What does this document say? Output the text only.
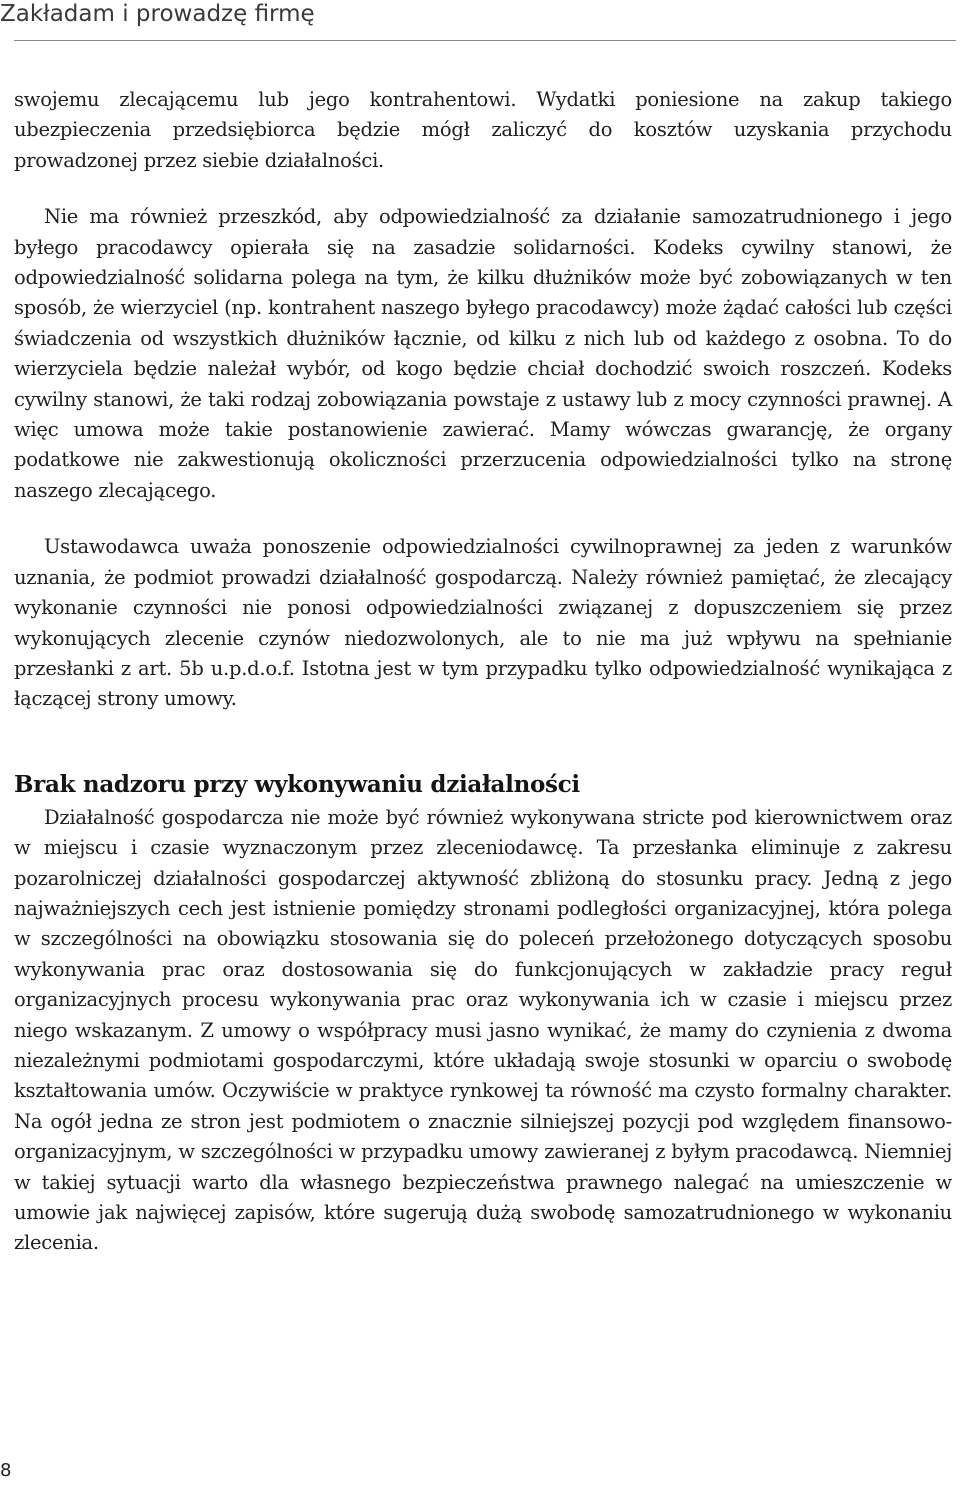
Zakładam i prowadzę firmę

swojemu zlecającemu lub jego kontrahentowi. Wydatki poniesione na zakup takiego ubezpieczenia przedsiębiorca będzie mógł zaliczyć do kosztów uzyskania przychodu prowadzonej przez siebie działalności.

Nie ma również przeszkód, aby odpowiedzialność za działanie samozatrudnionego i jego byłego pracodawcy opierała się na zasadzie solidarności. Kodeks cywilny stanowi, że odpowiedzialność solidarna polega na tym, że kilku dłużników może być zobowiązanych w ten sposób, że wierzyciel (np. kontrahent naszego byłego pracodawcy) może żądać całości lub części świadczenia od wszystkich dłużników łącznie, od kilku z nich lub od każdego z osobna. To do wierzyciela będzie należał wybór, od kogo będzie chciał dochodzić swoich roszczeń. Kodeks cywilny stanowi, że taki rodzaj zobowiązania powstaje z ustawy lub z mocy czynności prawnej. A więc umowa może takie postanowienie zawierać. Mamy wówczas gwarancję, że organy podatkowe nie zakwestionują okoliczności przerzucenia odpowiedzialności tylko na stronę naszego zlecającego.

Ustawodawca uważa ponoszenie odpowiedzialności cywilnoprawnej za jeden z warunków uznania, że podmiot prowadzi działalność gospodarczą. Należy również pamiętać, że zlecający wykonanie czynności nie ponosi odpowiedzialności związanej z dopuszczeniem się przez wykonujących zlecenie czynów niedozwolonych, ale to nie ma już wpływu na spełnianie przesłanki z art. 5b u.p.d.o.f. Istotna jest w tym przypadku tylko odpowiedzialność wynikająca z łączącej strony umowy.

Brak nadzoru przy wykonywaniu działalności

Działalność gospodarcza nie może być również wykonywana stricte pod kierownictwem oraz w miejscu i czasie wyznaczonym przez zleceniodawcę. Ta przesłanka eliminuje z zakresu pozarolniczej działalności gospodarczej aktywność zbliżoną do stosunku pracy. Jedną z jego najważniejszych cech jest istnienie pomiędzy stronami podległości organizacyjnej, która polega w szczególności na obowiązku stosowania się do poleceń przełożonego dotyczących sposobu wykonywania prac oraz dostosowania się do funkcjonujących w zakładzie pracy reguł organizacyjnych procesu wykonywania prac oraz wykonywania ich w czasie i miejscu przez niego wskazanym. Z umowy o współpracy musi jasno wynikać, że mamy do czynienia z dwoma niezależnymi podmiotami gospodarczymi, które układają swoje stosunki w oparciu o swobodę kształtowania umów. Oczywiście w praktyce rynkowej ta równość ma czysto formalny charakter. Na ogół jedna ze stron jest podmiotem o znacznie silniejszej pozycji pod względem finansowo-organizacyjnym, w szczególności w przypadku umowy zawieranej z byłym pracodawcą. Niemniej w takiej sytuacji warto dla własnego bezpieczeństwa prawnego nalegać na umieszczenie w umowie jak najwięcej zapisów, które sugerują dużą swobodę samozatrudnionego w wykonaniu zlecenia.

8
